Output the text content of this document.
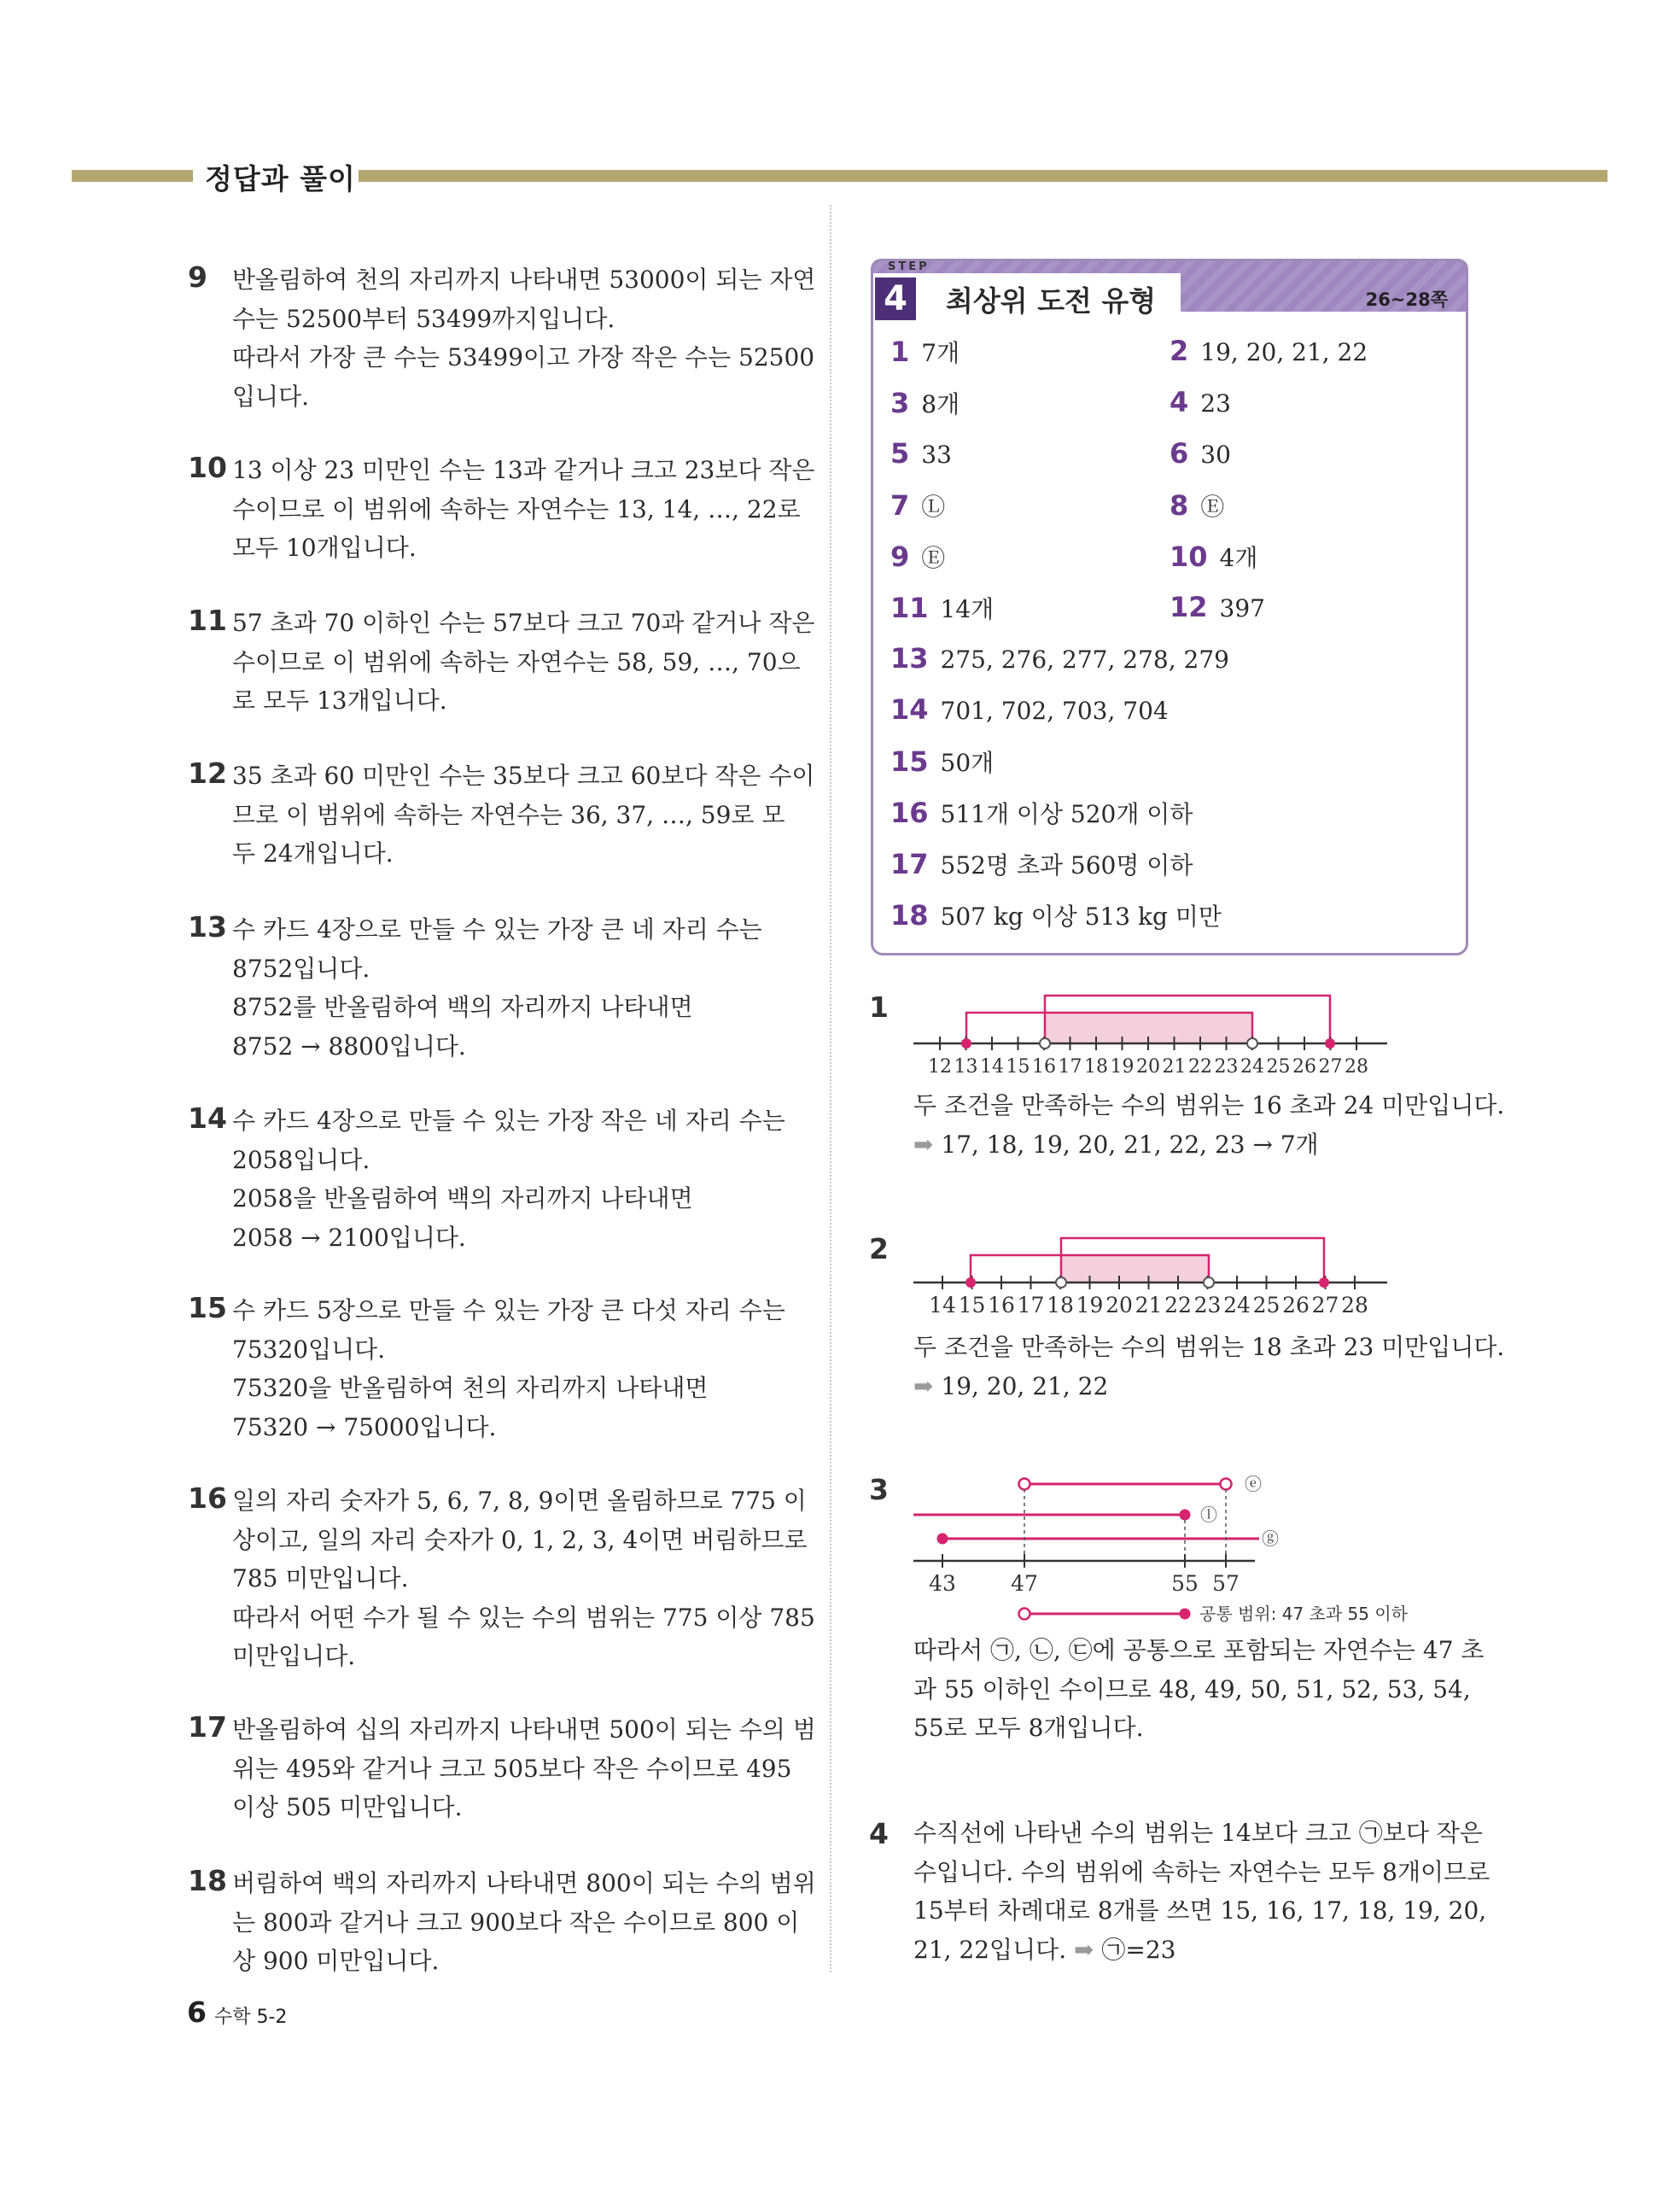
정답과 풀이
9 반올림하여 천의 자리까지 나타내면 53000이 되는 자연
수는 52500부터 53499까지입니다.
따라서 가장 큰 수는 53499이고 가장 작은 수는 52500
입니다.
10 13 이상 23 미만인 수는 13과 같거나 크고 23보다 작은
수이므로 이 범위에 속하는 자연수는 13, 14, …, 22로
모두 10개입니다.
11 57 초과 70 이하인 수는 57보다 크고 70과 같거나 작은
수이므로 이 범위에 속하는 자연수는 58, 59, …, 70으
로 모두 13개입니다.
12 35 초과 60 미만인 수는 35보다 크고 60보다 작은 수이
므로 이 범위에 속하는 자연수는 36, 37, …, 59로 모
두 24개입니다.
13 수 카드 4장으로 만들 수 있는 가장 큰 네 자리 수는
8752입니다.
8752를 반올림하여 백의 자리까지 나타내면
8752 → 8800입니다.
14 수 카드 4장으로 만들 수 있는 가장 작은 네 자리 수는
2058입니다.
2058을 반올림하여 백의 자리까지 나타내면
2058 → 2100입니다.
15 수 카드 5장으로 만들 수 있는 가장 큰 다섯 자리 수는
75320입니다.
75320을 반올림하여 천의 자리까지 나타내면
75320 → 75000입니다.
16 일의 자리 숫자가 5, 6, 7, 8, 9이면 올림하므로 775 이
상이고, 일의 자리 숫자가 0, 1, 2, 3, 4이면 버림하므로
785 미만입니다.
따라서 어떤 수가 될 수 있는 수의 범위는 775 이상 785
미만입니다.
17 반올림하여 십의 자리까지 나타내면 500이 되는 수의 범
위는 495와 같거나 크고 505보다 작은 수이므로 495
이상 505 미만입니다.
18 버림하여 백의 자리까지 나타내면 800이 되는 수의 범위
는 800과 같거나 크고 900보다 작은 수이므로 800 이
상 900 미만입니다.
STEP
4	최상위 도전 유형	26~28쪽
1 7개	2 19, 20, 21, 22
3 8개	4 23
5 33	6 30
7 Ⓛ	8 Ⓔ
9 Ⓔ	10 4개
11 14개	12 397
13 275, 276, 277, 278, 279
14 701, 702, 703, 704
15 50개
16 511개 이상 520개 이하
17 552명 초과 560명 이하
18 507 kg 이상 513 kg 미만
1
12 13 14 15 16 17 18 19 20 21 22 23 24 25 26 27 28
두 조건을 만족하는 수의 범위는 16 초과 24 미만입니다.
➡ 17, 18, 19, 20, 21, 22, 23 → 7개
2
14 15 16 17 18 19 20 21 22 23 24 25 26 27 28
두 조건을 만족하는 수의 범위는 18 초과 23 미만입니다.
➡ 19, 20, 21, 22
3	ⓔ
ⓛ
ⓖ
43	47	55 57
공통 범위: 47 초과 55 이하
따라서 ㉠, ㉡, ㉢에 공통으로 포함되는 자연수는 47 초
과 55 이하인 수이므로 48, 49, 50, 51, 52, 53, 54,
55로 모두 8개입니다.
4 수직선에 나타낸 수의 범위는 14보다 크고 ㉠보다 작은
수입니다. 수의 범위에 속하는 자연수는 모두 8개이므로
15부터 차례대로 8개를 쓰면 15, 16, 17, 18, 19, 20,
21, 22입니다. ➡ ㉠=23
6 수학 5-2
